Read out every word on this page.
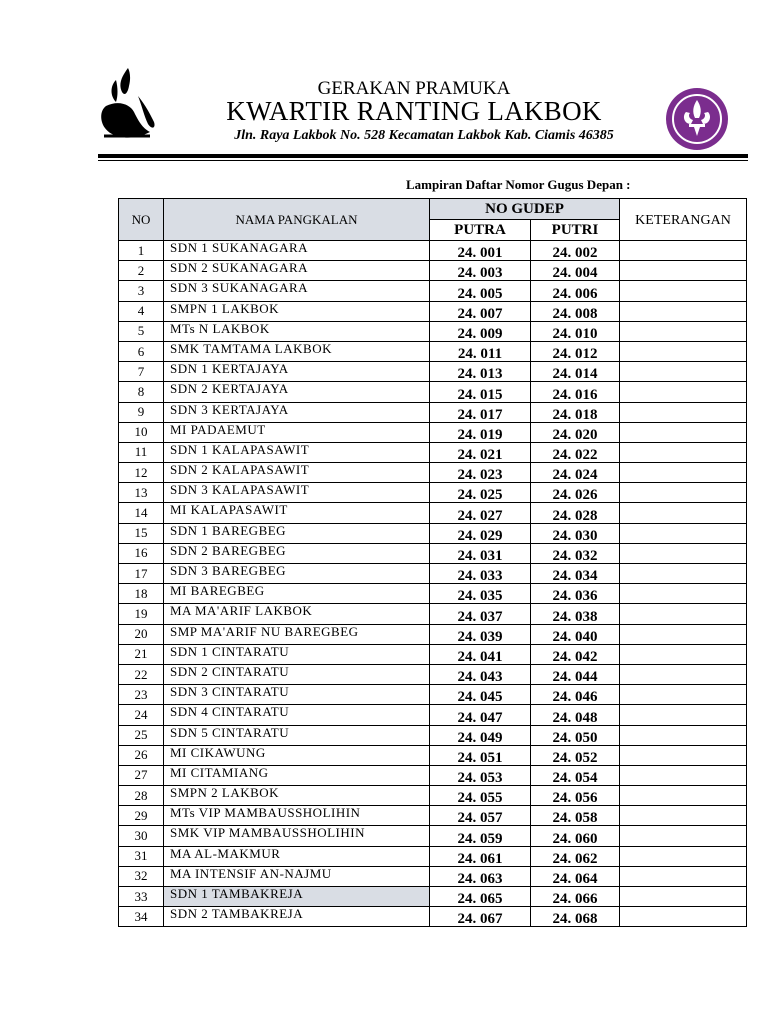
GERAKAN PRAMUKA
KWARTIR RANTING LAKBOK
Jln. Raya Lakbok No. 528 Kecamatan Lakbok Kab. Ciamis 46385
Lampiran Daftar Nomor Gugus Depan :
NO	NAMA PANGKALAN	NO GUDEP		KETERANGAN
		PUTRA	PUTRI	
1	SDN 1 SUKANAGARA	24. 001	24. 002	
2	SDN 2 SUKANAGARA	24. 003	24. 004	
3	SDN 3 SUKANAGARA	24. 005	24. 006	
4	SMPN 1 LAKBOK	24. 007	24. 008	
5	MTs N LAKBOK	24. 009	24. 010	
6	SMK TAMTAMA LAKBOK	24. 011	24. 012	
7	SDN 1 KERTAJAYA	24. 013	24. 014	
8	SDN 2 KERTAJAYA	24. 015	24. 016	
9	SDN 3 KERTAJAYA	24. 017	24. 018	
10	MI PADAEMUT	24. 019	24. 020	
11	SDN 1 KALAPASAWIT	24. 021	24. 022	
12	SDN 2 KALAPASAWIT	24. 023	24. 024	
13	SDN 3 KALAPASAWIT	24. 025	24. 026	
14	MI KALAPASAWIT	24. 027	24. 028	
15	SDN 1 BAREGBEG	24. 029	24. 030	
16	SDN 2 BAREGBEG	24. 031	24. 032	
17	SDN 3 BAREGBEG	24. 033	24. 034	
18	MI BAREGBEG	24. 035	24. 036	
19	MA MA'ARIF LAKBOK	24. 037	24. 038	
20	SMP MA'ARIF NU BAREGBEG	24. 039	24. 040	
21	SDN 1 CINTARATU	24. 041	24. 042	
22	SDN 2 CINTARATU	24. 043	24. 044	
23	SDN 3 CINTARATU	24. 045	24. 046	
24	SDN 4 CINTARATU	24. 047	24. 048	
25	SDN 5 CINTARATU	24. 049	24. 050	
26	MI CIKAWUNG	24. 051	24. 052	
27	MI CITAMIANG	24. 053	24. 054	
28	SMPN 2 LAKBOK	24. 055	24. 056	
29	MTs VIP MAMBAUSSHOLIHIN	24. 057	24. 058	
30	SMK VIP MAMBAUSSHOLIHIN	24. 059	24. 060	
31	MA AL-MAKMUR	24. 061	24. 062	
32	MA INTENSIF AN-NAJMU	24. 063	24. 064	
33	SDN 1 TAMBAKREJA	24. 065	24. 066	
34	SDN 2 TAMBAKREJA	24. 067	24. 068	
